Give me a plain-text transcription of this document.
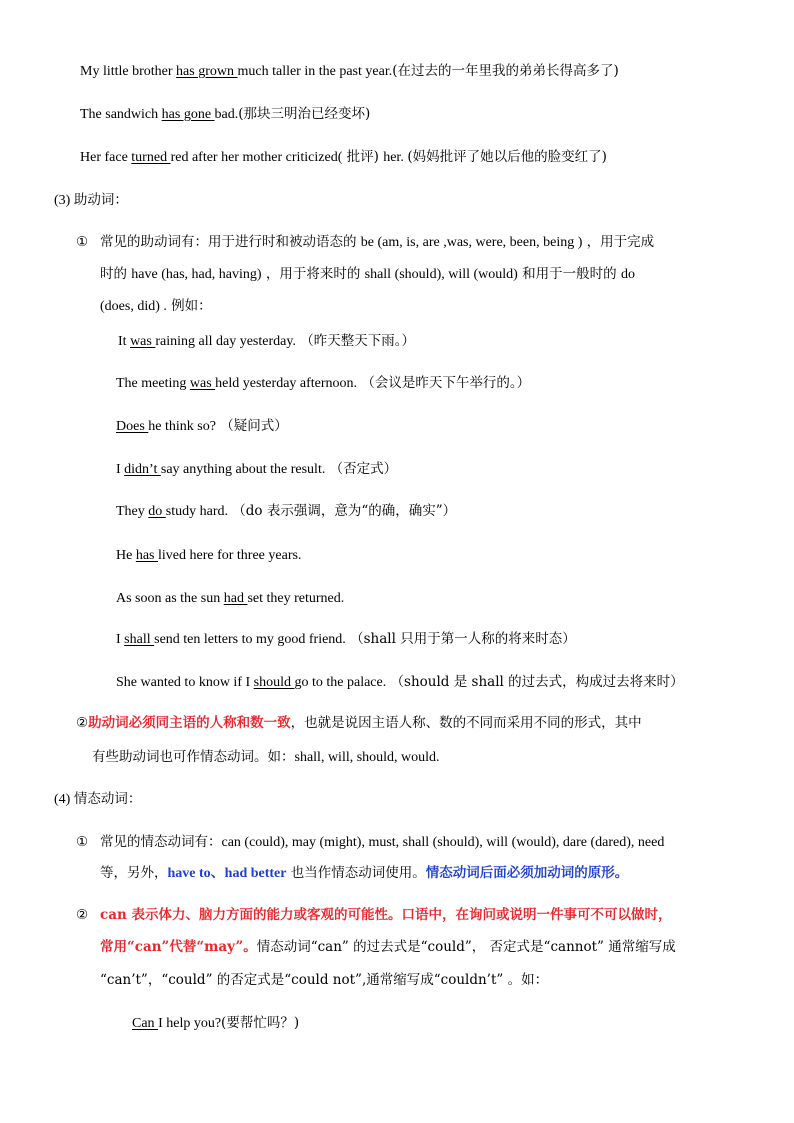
My little brother has grown much taller in the past year.(在过去的一年里我的弟弟长得高多了)
The sandwich has gone bad.(那块三明治已经变坏)
Her face turned red after her mother criticized( 批评) her. (妈妈批评了她以后他的脸变红了)
(3) 助动词：
① 常见的助动词有：用于进行时和被动语态的 be (am, is, are ,was, were, been, being ) ，用于完成
时的 have (has, had, having) ，用于将来时的 shall (should), will (would) 和用于一般时的 do
(does, did) . 例如：
It was raining all day yesterday. （昨天整天下雨。）
The meeting was held yesterday afternoon. （会议是昨天下午举行的。）
Does he think so? （疑问式）
I didn’t say anything about the result. （否定式）
They do study hard. （do 表示强调，意为“的确，确实”）
He has lived here for three years.
As soon as the sun had set they returned.
I shall send ten letters to my good friend. （shall 只用于第一人称的将来时态）
She wanted to know if I should go to the palace. （should 是 shall 的过去式，构成过去将来时）
②助动词必须同主语的人称和数一致，也就是说因主语人称、数的不同而采用不同的形式，其中
有些助动词也可作情态动词。如：shall, will, should, would.
(4) 情态动词：
① 常见的情态动词有：can (could), may (might), must, shall (should), will (would), dare (dared), need
等，另外，have to、had better 也当作情态动词使用。情态动词后面必须加动词的原形。
② can 表示体力、脑力方面的能力或客观的可能性。口语中，在询问或说明一件事可不可以做时，
常用“can”代替“may”。情态动词“can” 的过去式是“could”， 否定式是“cannot” 通常缩写成
“can’t”，“could” 的否定式是“could not”,通常缩写成“couldn’t” 。如：
Can I help you?(要帮忙吗？)
